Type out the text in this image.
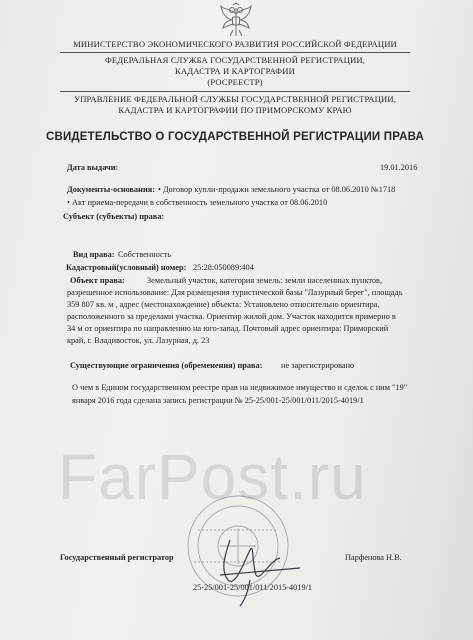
МИНИСТЕРСТВО ЭКОНОМИЧЕСКОГО РАЗВИТИЯ РОССИЙСКОЙ ФЕДЕРАЦИИ
ФЕДЕРАЛЬНАЯ СЛУЖБА ГОСУДАРСТВЕННОЙ РЕГИСТРАЦИИ,
КАДАСТРА И КАРТОГРАФИИ
(РОСРЕЕСТР)
УПРАВЛЕНИЕ ФЕДЕРАЛЬНОЙ СЛУЖБЫ ГОСУДАРСТВЕННОЙ РЕГИСТРАЦИИ,
КАДАСТРА И КАРТОГРАФИИ ПО ПРИМОРСКОМУ КРАЮ
СВИДЕТЕЛЬСТВО О ГОСУДАРСТВЕННОЙ РЕГИСТРАЦИИ ПРАВА
Дата выдачи:	19.01.2016
Документы-основания: • Договор купли-продажи земельного участка от 08.06.2010 №1718
• Акт приема-передачи в собственность земельного участка от 08.06.2010
Субъект (субъекты) права:
Вид права: Собственность
Кадастровый(условный) номер: 25:28:050089:404
Объект права:	Земельный участок, категория земель: земли населенных пунктов,
разрешенное использование: Для размещения туристической базы "Лазурный берег", площадь
359 807 кв. м , адрес (местонахождение) объекта: Установлено относительно ориентира,
расположенного за пределами участка. Ориентир жилой дом. Участок находится примерно в
34 м от ориентира по направлению на юго-запад. Почтовый адрес ориентира: Приморский
край, г. Владивосток, ул. Лазурная, д. 23
Существующие ограничения (обременения) права: не зарегистрировано
О чем в Едином государственном реестре прав на недвижимое имущество и сделок с ним "19"
января 2016 года сделана запись регистрации № 25-25/001-25/001/011/2015-4019/1
FarPost.ru
Государственный регистратор	Парфенова Н.В.
25-25/001-25/001/011/2015-4019/1
